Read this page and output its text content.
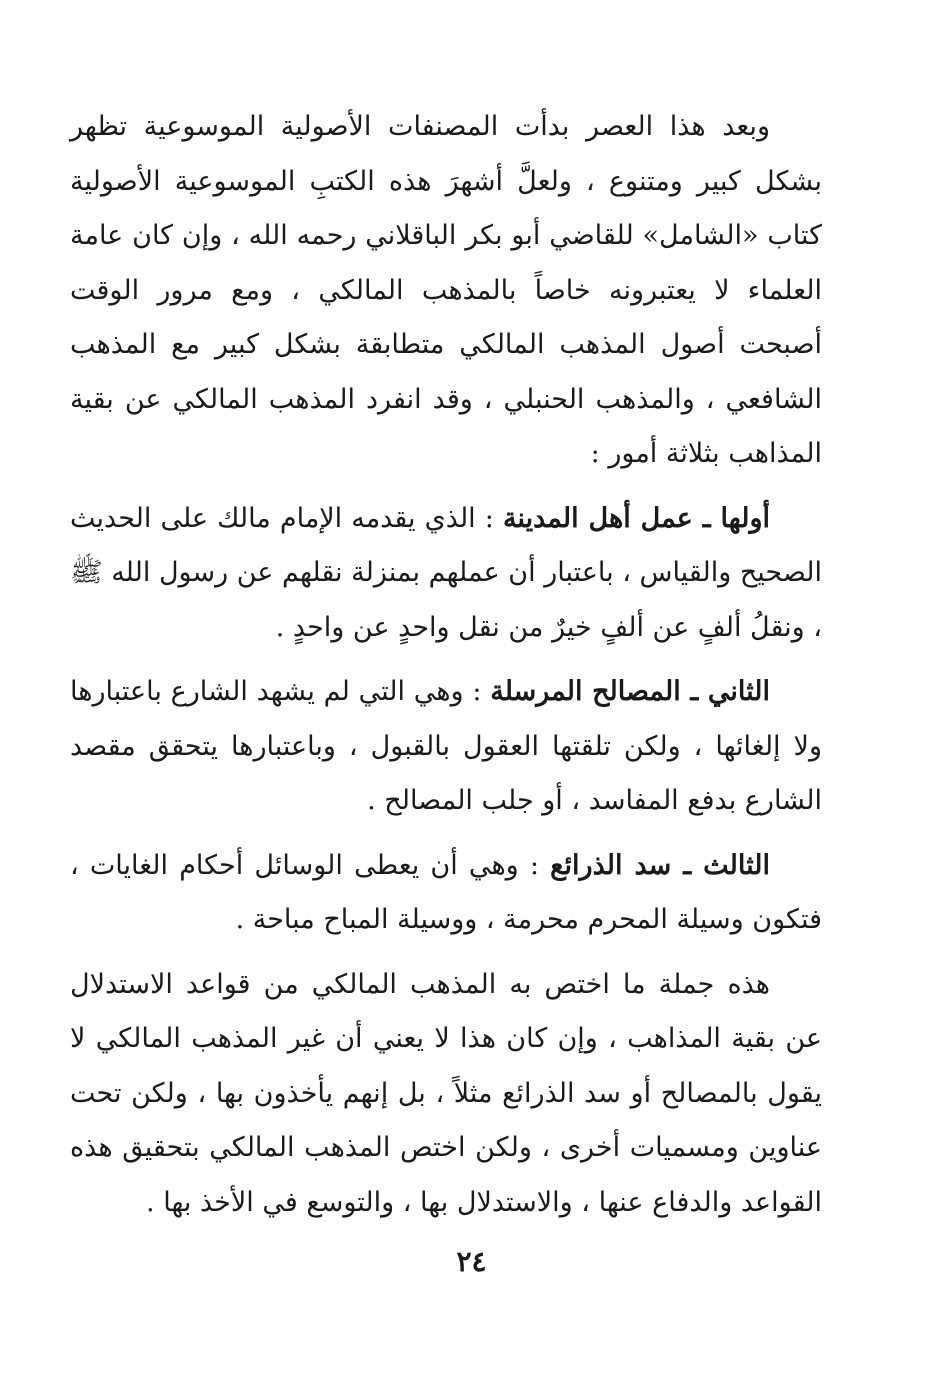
وبعد هذا العصر بدأت المصنفات الأصولية الموسوعية تظهر بشكل كبير ومتنوع ، ولعلَّ أشهرَ هذه الكتبِ الموسوعية الأصولية كتاب «الشامل» للقاضي أبو بكر الباقلاني رحمه الله ، وإن كان عامة العلماء لا يعتبرونه خاصاً بالمذهب المالكي ، ومع مرور الوقت أصبحت أصول المذهب المالكي متطابقة بشكل كبير مع المذهب الشافعي ، والمذهب الحنبلي ، وقد انفرد المذهب المالكي عن بقية المذاهب بثلاثة أمور :

أولها ـ عمل أهل المدينة : الذي يقدمه الإمام مالك على الحديث الصحيح والقياس ، باعتبار أن عملهم بمنزلة نقلهم عن رسول الله ﷺ ، ونقلُ ألفٍ عن ألفٍ خيرٌ من نقل واحدٍ عن واحدٍ .

الثاني ـ المصالح المرسلة : وهي التي لم يشهد الشارع باعتبارها ولا إلغائها ، ولكن تلقتها العقول بالقبول ، وباعتبارها يتحقق مقصد الشارع بدفع المفاسد ، أو جلب المصالح .

الثالث ـ سد الذرائع : وهي أن يعطى الوسائل أحكام الغايات ، فتكون وسيلة المحرم محرمة ، ووسيلة المباح مباحة .

هذه جملة ما اختص به المذهب المالكي من قواعد الاستدلال عن بقية المذاهب ، وإن كان هذا لا يعني أن غير المذهب المالكي لا يقول بالمصالح أو سد الذرائع مثلاً ، بل إنهم يأخذون بها ، ولكن تحت عناوين ومسميات أخرى ، ولكن اختص المذهب المالكي بتحقيق هذه القواعد والدفاع عنها ، والاستدلال بها ، والتوسع في الأخذ بها .

٢٤
